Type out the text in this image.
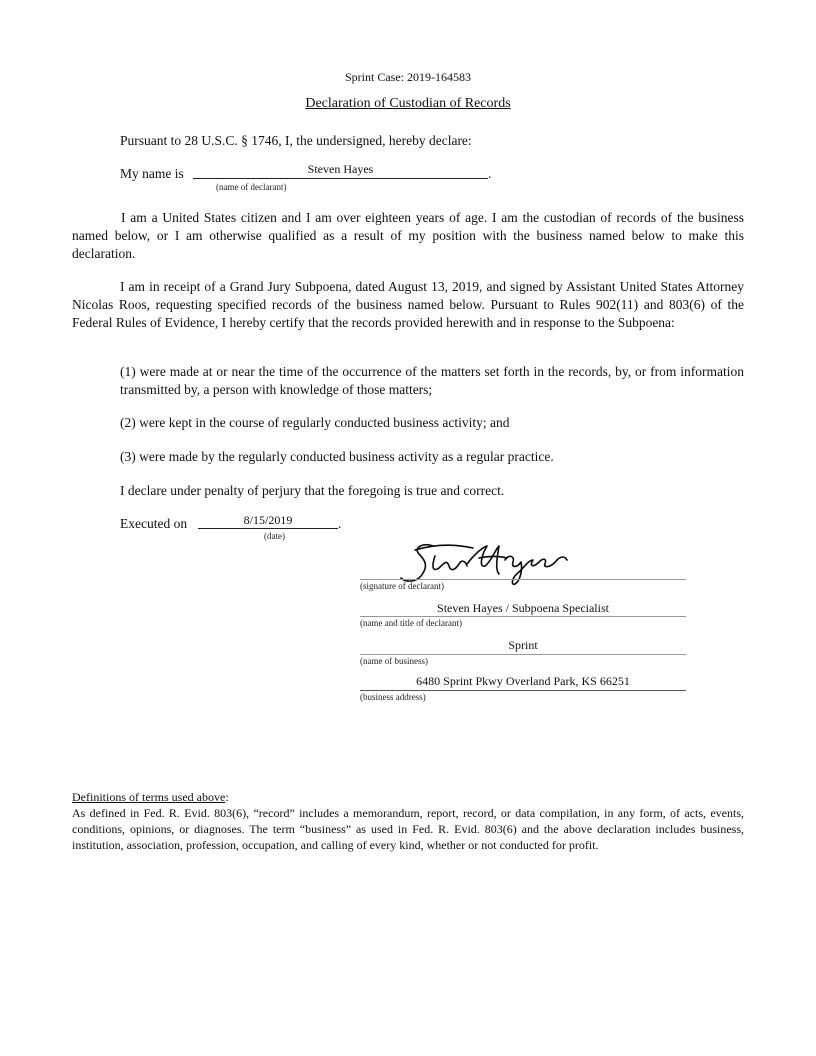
Sprint Case: 2019-164583
Declaration of Custodian of Records
Pursuant to 28 U.S.C. § 1746, I, the undersigned, hereby declare:
My name is	Steven Hayes	.
(name of declarant)
I am a United States citizen and I am over eighteen years of age. I am the custodian of records of the business named below, or I am otherwise qualified as a result of my position with the business named below to make this declaration.
I am in receipt of a Grand Jury Subpoena, dated August 13, 2019, and signed by Assistant United States Attorney Nicolas Roos, requesting specified records of the business named below. Pursuant to Rules 902(11) and 803(6) of the Federal Rules of Evidence, I hereby certify that the records provided herewith and in response to the Subpoena:
(1) were made at or near the time of the occurrence of the matters set forth in the records, by, or from information transmitted by, a person with knowledge of those matters;
(2) were kept in the course of regularly conducted business activity; and
(3) were made by the regularly conducted business activity as a regular practice.
I declare under penalty of perjury that the foregoing is true and correct.
Executed on	8/15/2019	.
(date)
(signature of declarant)
Steven Hayes / Subpoena Specialist
(name and title of declarant)
Sprint
(name of business)
6480 Sprint Pkwy Overland Park, KS 66251
(business address)
Definitions of terms used above:
As defined in Fed. R. Evid. 803(6), “record” includes a memorandum, report, record, or data compilation, in any form, of acts, events, conditions, opinions, or diagnoses. The term “business” as used in Fed. R. Evid. 803(6) and the above declaration includes business, institution, association, profession, occupation, and calling of every kind, whether or not conducted for profit.
